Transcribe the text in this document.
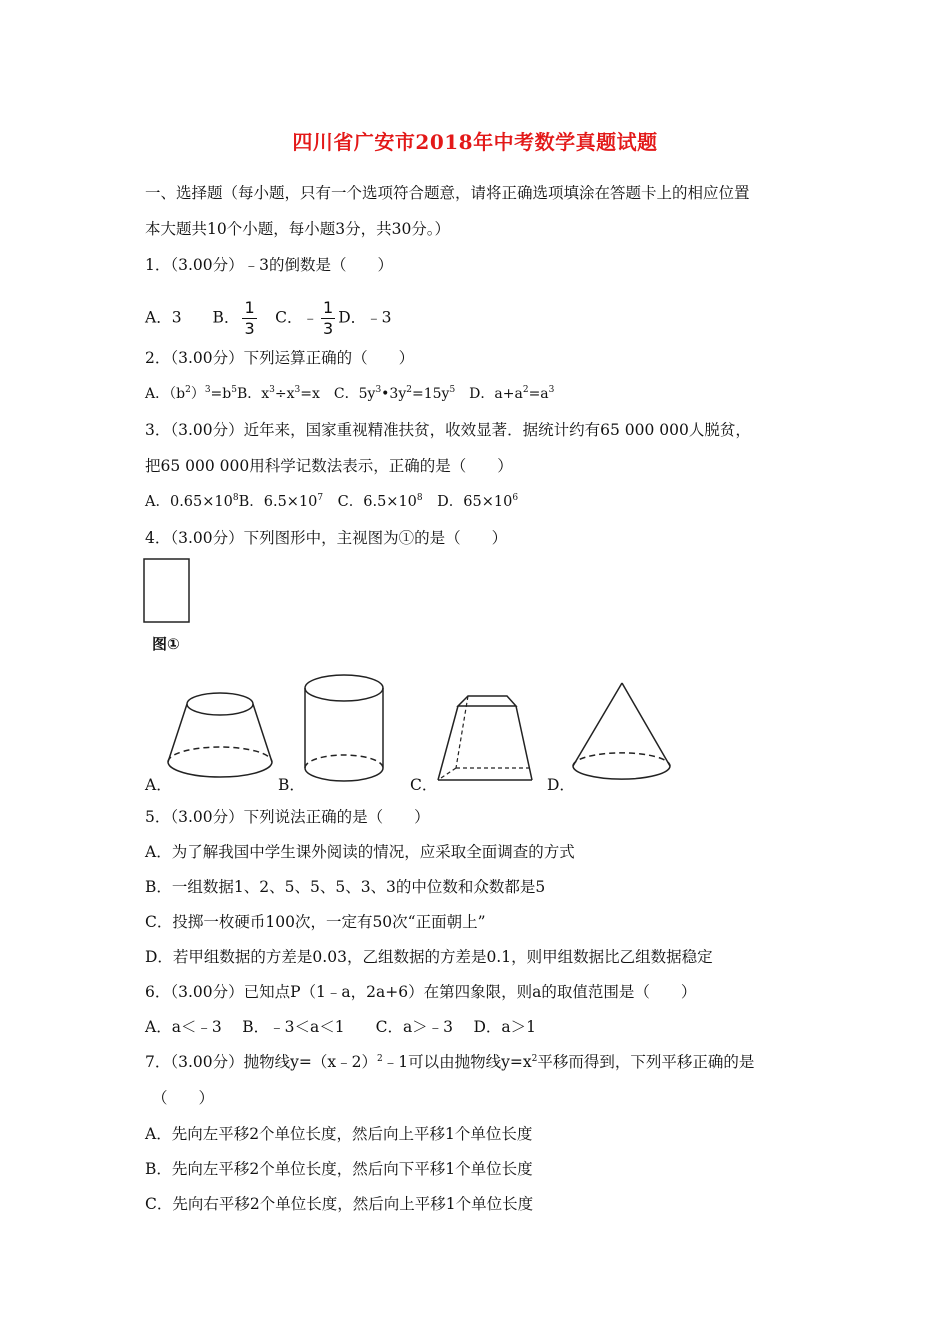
四川省广安市2018年中考数学真题试题
一、选择题（每小题，只有一个选项符合题意，请将正确选项填涂在答题卡上的相应位置
本大题共10个小题，每小题3分，共30分。）
1．（3.00分）﹣3的倒数是（　　）
A．3　　B． $\frac{1}{3}$ 　C．﹣ $\frac{1}{3}$ D．﹣3
2．（3.00分）下列运算正确的（　　）
A．$(b^2)^3=b^5B$．$x^3\div x^3=x$　C．$5y^3•3y^2=15y^5$　D．$a+a^2=a^3$
3．（3.00分）近年来，国家重视精准扶贫，收效显著．据统计约有65 000 000人脱贫，
把65 000 000用科学记数法表示，正确的是（　　）
A．$0.65\times 10^8B$．$6.5\times 10^7$　C．$6.5\times 10^8$　D．$65\times 10^6$
4．（3.00分）下列图形中，主视图为①的是（　　）
图①
A．	B．	C．	D．
5．（3.00分）下列说法正确的是（　　）
A．为了解我国中学生课外阅读的情况，应采取全面调查的方式
B．一组数据1、2、5、5、5、3、3的中位数和众数都是5
C．投掷一枚硬币100次，一定有50次“正面朝上”
D．若甲组数据的方差是0.03，乙组数据的方差是0.1，则甲组数据比乙组数据稳定
6．（3.00分）已知点P（1﹣a，2a+6）在第四象限，则a的取值范围是（　　）
A．a＜﹣3　 B．﹣3＜a＜1　　C．a＞﹣3　 D．a＞1
7．（3.00分）抛物线y=（x﹣2）$^2$﹣1可以由抛物线$y=x^2$平移而得到，下列平移正确的是
（　　）
A．先向左平移2个单位长度，然后向上平移1个单位长度
B．先向左平移2个单位长度，然后向下平移1个单位长度
C．先向右平移2个单位长度，然后向上平移1个单位长度
